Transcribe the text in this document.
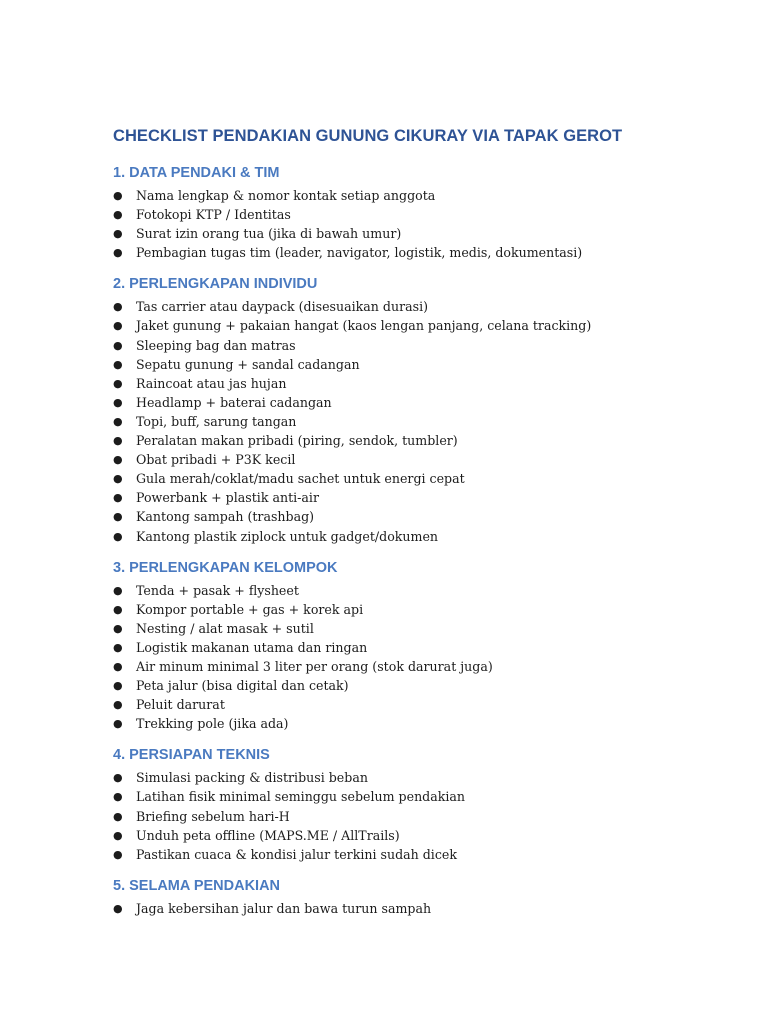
CHECKLIST PENDAKIAN GUNUNG CIKURAY VIA TAPAK GEROT
1. DATA PENDAKI & TIM
● Nama lengkap & nomor kontak setiap anggota
● Fotokopi KTP / Identitas
● Surat izin orang tua (jika di bawah umur)
● Pembagian tugas tim (leader, navigator, logistik, medis, dokumentasi)
2. PERLENGKAPAN INDIVIDU
● Tas carrier atau daypack (disesuaikan durasi)
● Jaket gunung + pakaian hangat (kaos lengan panjang, celana tracking)
● Sleeping bag dan matras
● Sepatu gunung + sandal cadangan
● Raincoat atau jas hujan
● Headlamp + baterai cadangan
● Topi, buff, sarung tangan
● Peralatan makan pribadi (piring, sendok, tumbler)
● Obat pribadi + P3K kecil
● Gula merah/coklat/madu sachet untuk energi cepat
● Powerbank + plastik anti-air
● Kantong sampah (trashbag)
● Kantong plastik ziplock untuk gadget/dokumen
3. PERLENGKAPAN KELOMPOK
● Tenda + pasak + flysheet
● Kompor portable + gas + korek api
● Nesting / alat masak + sutil
● Logistik makanan utama dan ringan
● Air minum minimal 3 liter per orang (stok darurat juga)
● Peta jalur (bisa digital dan cetak)
● Peluit darurat
● Trekking pole (jika ada)
4. PERSIAPAN TEKNIS
● Simulasi packing & distribusi beban
● Latihan fisik minimal seminggu sebelum pendakian
● Briefing sebelum hari-H
● Unduh peta offline (MAPS.ME / AllTrails)
● Pastikan cuaca & kondisi jalur terkini sudah dicek
5. SELAMA PENDAKIAN
● Jaga kebersihan jalur dan bawa turun sampah
